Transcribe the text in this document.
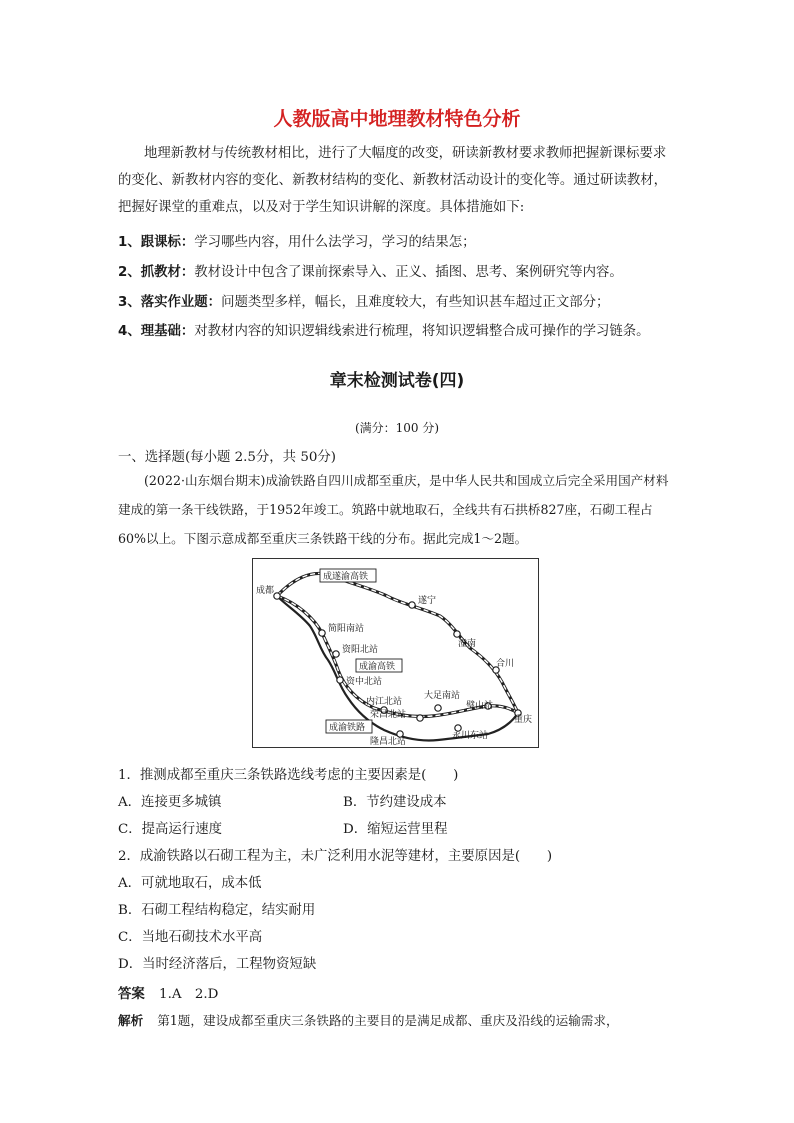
人教版高中地理教材特色分析
地理新教材与传统教材相比，进行了大幅度的改变，研读新教材要求教师把握新课标要求的变化、新教材内容的变化、新教材结构的变化、新教材活动设计的变化等。通过研读教材，把握好课堂的重难点，以及对于学生知识讲解的深度。具体措施如下:
1、跟课标：学习哪些内容，用什么法学习，学习的结果怎；
2、抓教材：教材设计中包含了课前探索导入、正义、插图、思考、案例研究等内容。
3、落实作业题：问题类型多样，幅长，且难度较大，有些知识甚车超过正文部分；
4、理基础：对教材内容的知识逻辑线索进行梳理，将知识逻辑整合成可操作的学习链条。
章末检测试卷(四)
(满分：100 分)
一、选择题(每小题 2.5分，共 50分)
(2022·山东烟台期末)成渝铁路自四川成都至重庆，是中华人民共和国成立后完全采用国产材料建成的第一条干线铁路，于1952年竣工。筑路中就地取石，全线共有石拱桥827座，石砌工程占60%以上。下图示意成都至重庆三条铁路干线的分布。据此完成1～2题。
成都
遂宁
潼南
合川
重庆
简阳南站
资阳北站
资中北站
内江北站
荣昌北站
隆昌北站
大足南站
璧山站
永川东站
成遂渝高铁
成渝高铁
成渝铁路
1．推测成都至重庆三条铁路选线考虑的主要因素是(　　)
A．连接更多城镇	B．节约建设成本
C．提高运行速度	D．缩短运营里程
2．成渝铁路以石砌工程为主，未广泛利用水泥等建材，主要原因是(　　)
A．可就地取石，成本低
B．石砌工程结构稳定，结实耐用
C．当地石砌技术水平高
D．当时经济落后，工程物资短缺
答案 1.A　2.D
解析 第1题，建设成都至重庆三条铁路的主要目的是满足成都、重庆及沿线的运输需求，
